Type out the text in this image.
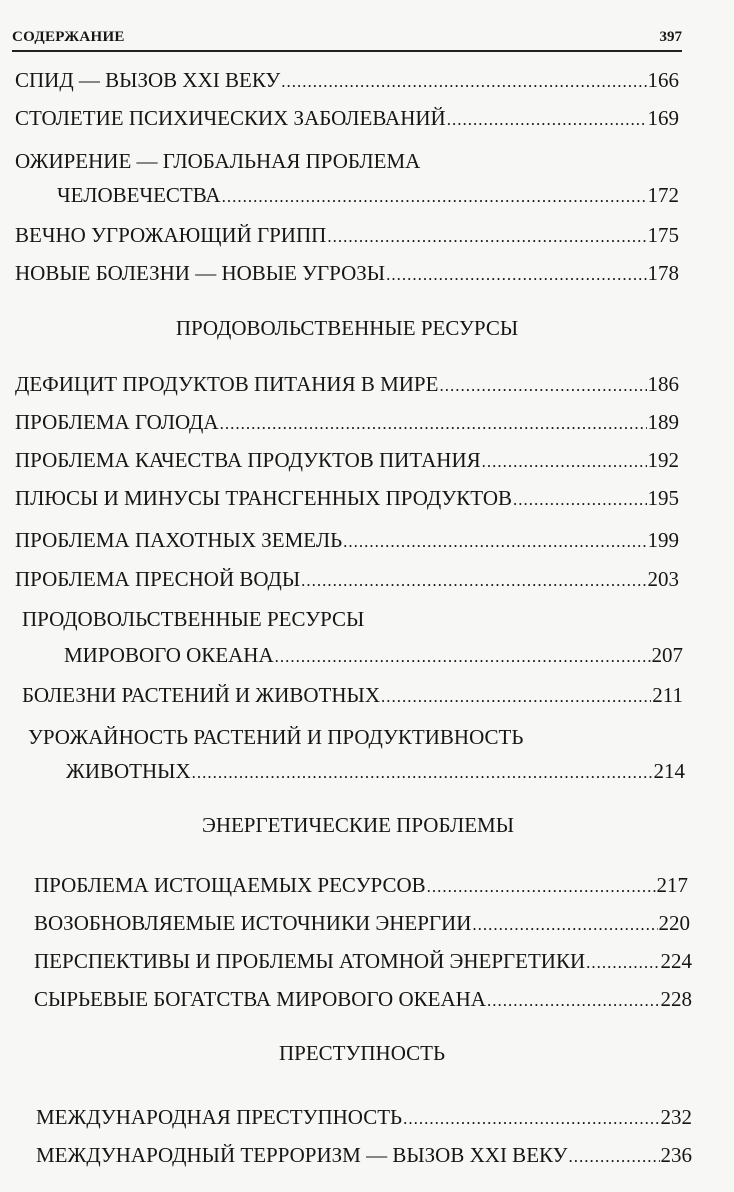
СОДЕРЖАНИЕ	397
СПИД — ВЫЗОВ XXI ВЕКУ .....	166
СТОЛЕТИЕ ПСИХИЧЕСКИХ ЗАБОЛЕВАНИЙ .....	169
ОЖИРЕНИЕ — ГЛОБАЛЬНАЯ ПРОБЛЕМА
ЧЕЛОВЕЧЕСТВА .....	172
ВЕЧНО УГРОЖАЮЩИЙ ГРИПП .....	175
НОВЫЕ БОЛЕЗНИ — НОВЫЕ УГРОЗЫ .....	178
ПРОДОВОЛЬСТВЕННЫЕ РЕСУРСЫ
ДЕФИЦИТ ПРОДУКТОВ ПИТАНИЯ В МИРЕ .....	186
ПРОБЛЕМА ГОЛОДА .....	189
ПРОБЛЕМА КАЧЕСТВА ПРОДУКТОВ ПИТАНИЯ .....	192
ПЛЮСЫ И МИНУСЫ ТРАНСГЕННЫХ ПРОДУКТОВ .....	195
ПРОБЛЕМА ПАХОТНЫХ ЗЕМЕЛЬ .....	199
ПРОБЛЕМА ПРЕСНОЙ ВОДЫ .....	203
ПРОДОВОЛЬСТВЕННЫЕ РЕСУРСЫ
МИРОВОГО ОКЕАНА .....	207
БОЛЕЗНИ РАСТЕНИЙ И ЖИВОТНЫХ .....	211
УРОЖАЙНОСТЬ РАСТЕНИЙ И ПРОДУКТИВНОСТЬ
ЖИВОТНЫХ .....	214
ЭНЕРГЕТИЧЕСКИЕ ПРОБЛЕМЫ
ПРОБЛЕМА ИСТОЩАЕМЫХ РЕСУРСОВ .....	217
ВОЗОБНОВЛЯЕМЫЕ ИСТОЧНИКИ ЭНЕРГИИ .....	220
ПЕРСПЕКТИВЫ И ПРОБЛЕМЫ АТОМНОЙ ЭНЕРГЕТИКИ .....	224
СЫРЬЕВЫЕ БОГАТСТВА МИРОВОГО ОКЕАНА .....	228
ПРЕСТУПНОСТЬ
МЕЖДУНАРОДНАЯ ПРЕСТУПНОСТЬ .....	232
МЕЖДУНАРОДНЫЙ ТЕРРОРИЗМ — ВЫЗОВ XXI ВЕКУ .....	236
